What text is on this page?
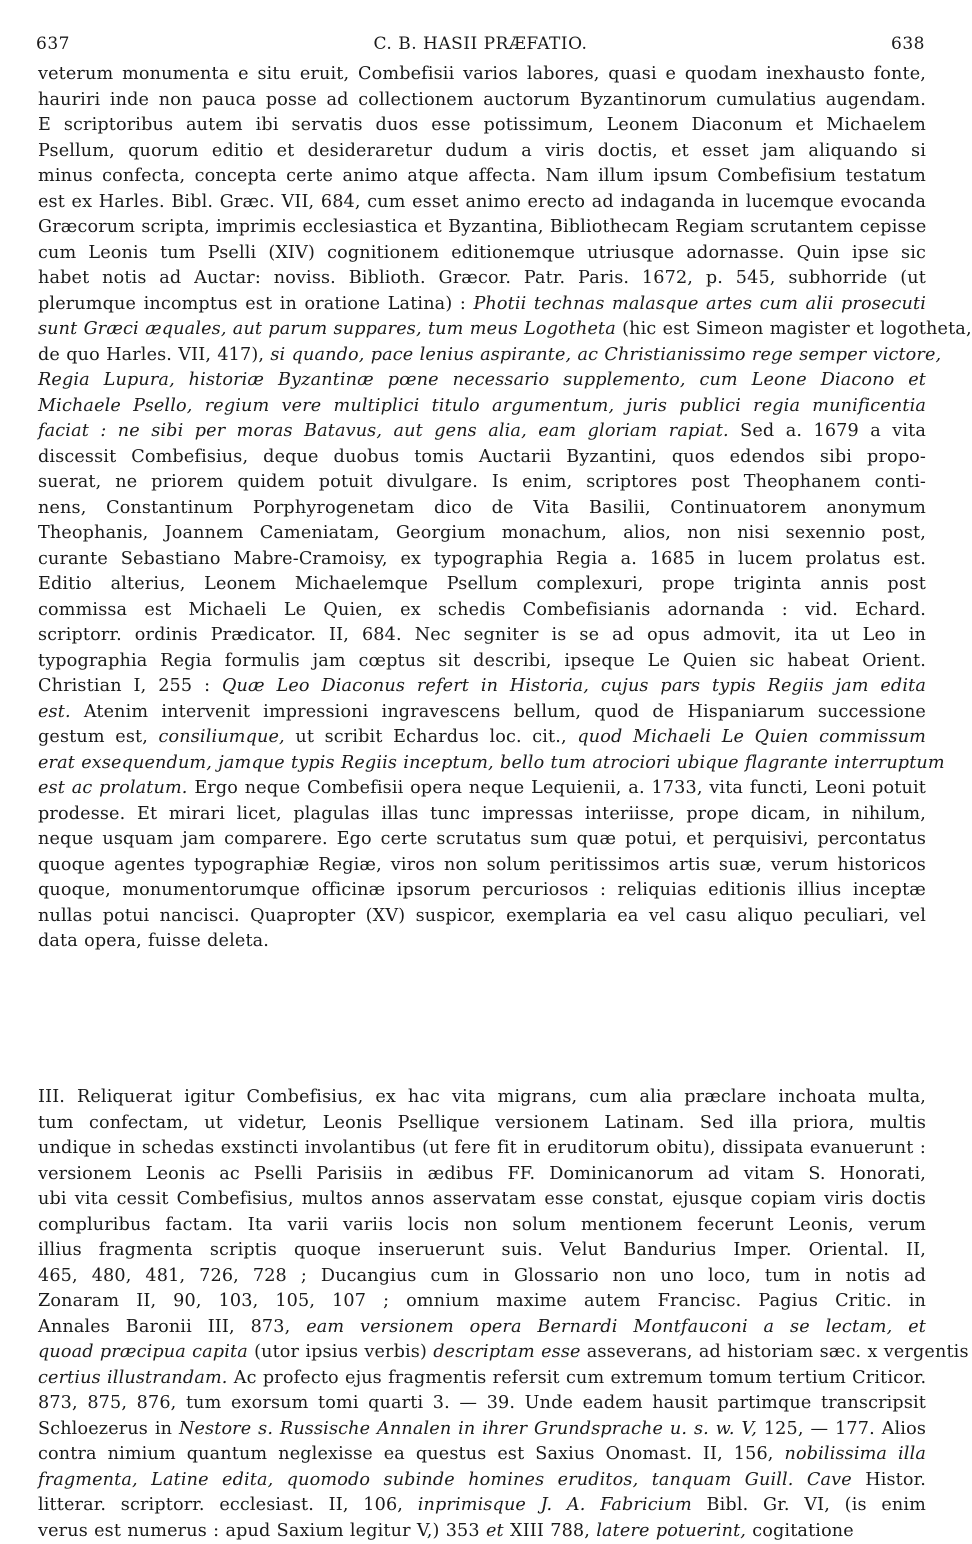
637	C. B. HASII PRÆFATIO.	638
veterum monumenta e situ eruit, Combefisii varios labores, quasi e quodam inexhausto fonte,
hauriri inde non pauca posse ad collectionem auctorum Byzantinorum cumulatius augendam.
E scriptoribus autem ibi servatis duos esse potissimum, Leonem Diaconum et Michaelem
Psellum, quorum editio et desideraretur dudum a viris doctis, et esset jam aliquando si
minus confecta, concepta certe animo atque affecta. Nam illum ipsum Combefisium testatum
est ex Harles. Bibl. Græc. VII, 684, cum esset animo erecto ad indaganda in lucemque evocanda
Græcorum scripta, imprimis ecclesiastica et Byzantina, Bibliothecam Regiam scrutantem cepisse
cum Leonis tum Pselli (XIV) cognitionem editionemque utriusque adornasse. Quin ipse sic
habet notis ad Auctar: noviss. Biblioth. Græcor. Patr. Paris. 1672, p. 545, subhorride (ut
plerumque incomptus est in oratione Latina) : Photii technas malasque artes cum alii prosecuti
sunt Græci æquales, aut parum suppares, tum meus Logotheta (hic est Simeon magister et logotheta,
de quo Harles. VII, 417), si quando, pace lenius aspirante, ac Christianissimo rege semper victore,
Regia Lupura, historiæ Byzantinæ pœne necessario supplemento, cum Leone Diacono et
Michaele Psello, regium vere multiplici titulo argumentum, juris publici regia munificentia
faciat : ne sibi per moras Batavus, aut gens alia, eam gloriam rapiat. Sed a. 1679 a vita
discessit Combefisius, deque duobus tomis Auctarii Byzantini, quos edendos sibi propo-
suerat, ne priorem quidem potuit divulgare. Is enim, scriptores post Theophanem conti-
nens, Constantinum Porphyrogenetam dico de Vita Basilii, Continuatorem anonymum
Theophanis, Joannem Cameniatam, Georgium monachum, alios, non nisi sexennio post,
curante Sebastiano Mabre-Cramoisy, ex typographia Regia a. 1685 in lucem prolatus est.
Editio alterius, Leonem Michaelemque Psellum complexuri, prope triginta annis post
commissa est Michaeli Le Quien, ex schedis Combefisianis adornanda : vid. Echard.
scriptorr. ordinis Prædicator. II, 684. Nec segniter is se ad opus admovit, ita ut Leo in
typographia Regia formulis jam cœptus sit describi, ipseque Le Quien sic habeat Orient.
Christian I, 255 : Quæ Leo Diaconus refert in Historia, cujus pars typis Regiis jam edita
est. Atenim intervenit impressioni ingravescens bellum, quod de Hispaniarum successione
gestum est, consiliumque, ut scribit Echardus loc. cit., quod Michaeli Le Quien commissum
erat exsequendum, jamque typis Regiis inceptum, bello tum atrociori ubique flagrante interruptum
est ac prolatum. Ergo neque Combefisii opera neque Lequienii, a. 1733, vita functi, Leoni potuit
prodesse. Et mirari licet, plagulas illas tunc impressas interiisse, prope dicam, in nihilum,
neque usquam jam comparere. Ego certe scrutatus sum quæ potui, et perquisivi, percontatus
quoque agentes typographiæ Regiæ, viros non solum peritissimos artis suæ, verum historicos
quoque, monumentorumque officinæ ipsorum percuriosos : reliquias editionis illius inceptæ
nullas potui nancisci. Quapropter (XV) suspicor, exemplaria ea vel casu aliquo peculiari, vel
data opera, fuisse deleta.
III. Reliquerat igitur Combefisius, ex hac vita migrans, cum alia præclare inchoata multa,
tum confectam, ut videtur, Leonis Psellique versionem Latinam. Sed illa priora, multis
undique in schedas exstincti involantibus (ut fere fit in eruditorum obitu), dissipata evanuerunt :
versionem Leonis ac Pselli Parisiis in ædibus FF. Dominicanorum ad vitam S. Honorati,
ubi vita cessit Combefisius, multos annos asservatam esse constat, ejusque copiam viris doctis
compluribus factam. Ita varii variis locis non solum mentionem fecerunt Leonis, verum
illius fragmenta scriptis quoque inseruerunt suis. Velut Bandurius Imper. Oriental. II,
465, 480, 481, 726, 728 ; Ducangius cum in Glossario non uno loco, tum in notis ad
Zonaram II, 90, 103, 105, 107 ; omnium maxime autem Francisc. Pagius Critic. in
Annales Baronii III, 873, eam versionem opera Bernardi Montfauconi a se lectam, et
quoad præcipua capita (utor ipsius verbis) descriptam esse asseverans, ad historiam sæc. x vergentis
certius illustrandam. Ac profecto ejus fragmentis refersit cum extremum tomum tertium Criticor.
873, 875, 876, tum exorsum tomi quarti 3. — 39. Unde eadem hausit partimque transcripsit
Schloezerus in Nestore s. Russische Annalen in ihrer Grundsprache u. s. w. V, 125, — 177. Alios
contra nimium quantum neglexisse ea questus est Saxius Onomast. II, 156, nobilissima illa
fragmenta, Latine edita, quomodo subinde homines eruditos, tanquam Guill. Cave Histor.
litterar. scriptorr. ecclesiast. II, 106, inprimisque J. A. Fabricium Bibl. Gr. VI, (is enim
verus est numerus : apud Saxium legitur V,) 353 et XIII 788, latere potuerint, cogitatione
